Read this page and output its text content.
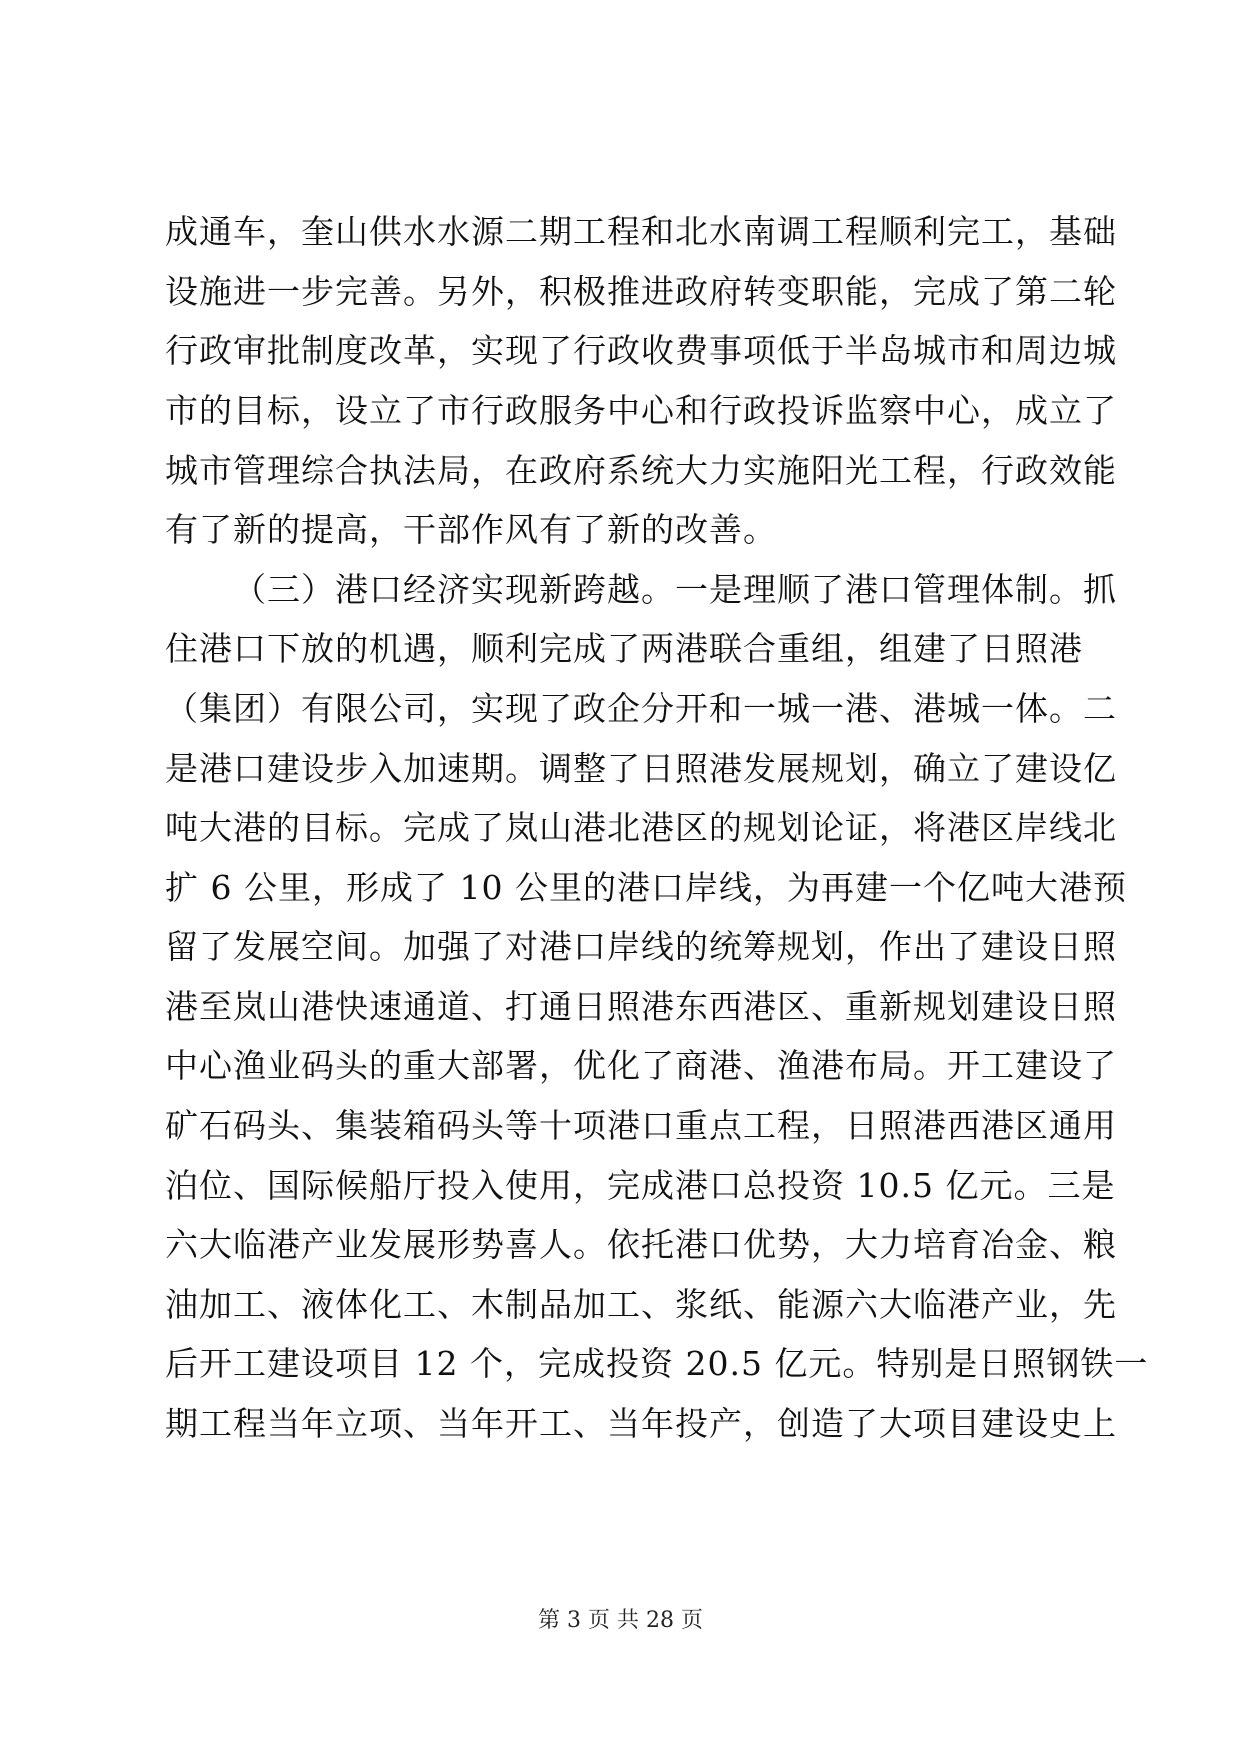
成通车，奎山供水水源二期工程和北水南调工程顺利完工，基础
设施进一步完善。另外，积极推进政府转变职能，完成了第二轮
行政审批制度改革，实现了行政收费事项低于半岛城市和周边城
市的目标，设立了市行政服务中心和行政投诉监察中心，成立了
城市管理综合执法局，在政府系统大力实施阳光工程，行政效能
有了新的提高，干部作风有了新的改善。
（三）港口经济实现新跨越。一是理顺了港口管理体制。抓
住港口下放的机遇，顺利完成了两港联合重组，组建了日照港
（集团）有限公司，实现了政企分开和一城一港、港城一体。二
是港口建设步入加速期。调整了日照港发展规划，确立了建设亿
吨大港的目标。完成了岚山港北港区的规划论证，将港区岸线北
扩 6 公里，形成了 10 公里的港口岸线，为再建一个亿吨大港预
留了发展空间。加强了对港口岸线的统筹规划，作出了建设日照
港至岚山港快速通道、打通日照港东西港区、重新规划建设日照
中心渔业码头的重大部署，优化了商港、渔港布局。开工建设了
矿石码头、集装箱码头等十项港口重点工程，日照港西港区通用
泊位、国际候船厅投入使用，完成港口总投资 10.5 亿元。三是
六大临港产业发展形势喜人。依托港口优势，大力培育冶金、粮
油加工、液体化工、木制品加工、浆纸、能源六大临港产业，先
后开工建设项目 12 个，完成投资 20.5 亿元。特别是日照钢铁一
期工程当年立项、当年开工、当年投产，创造了大项目建设史上
第 3 页 共 28 页
